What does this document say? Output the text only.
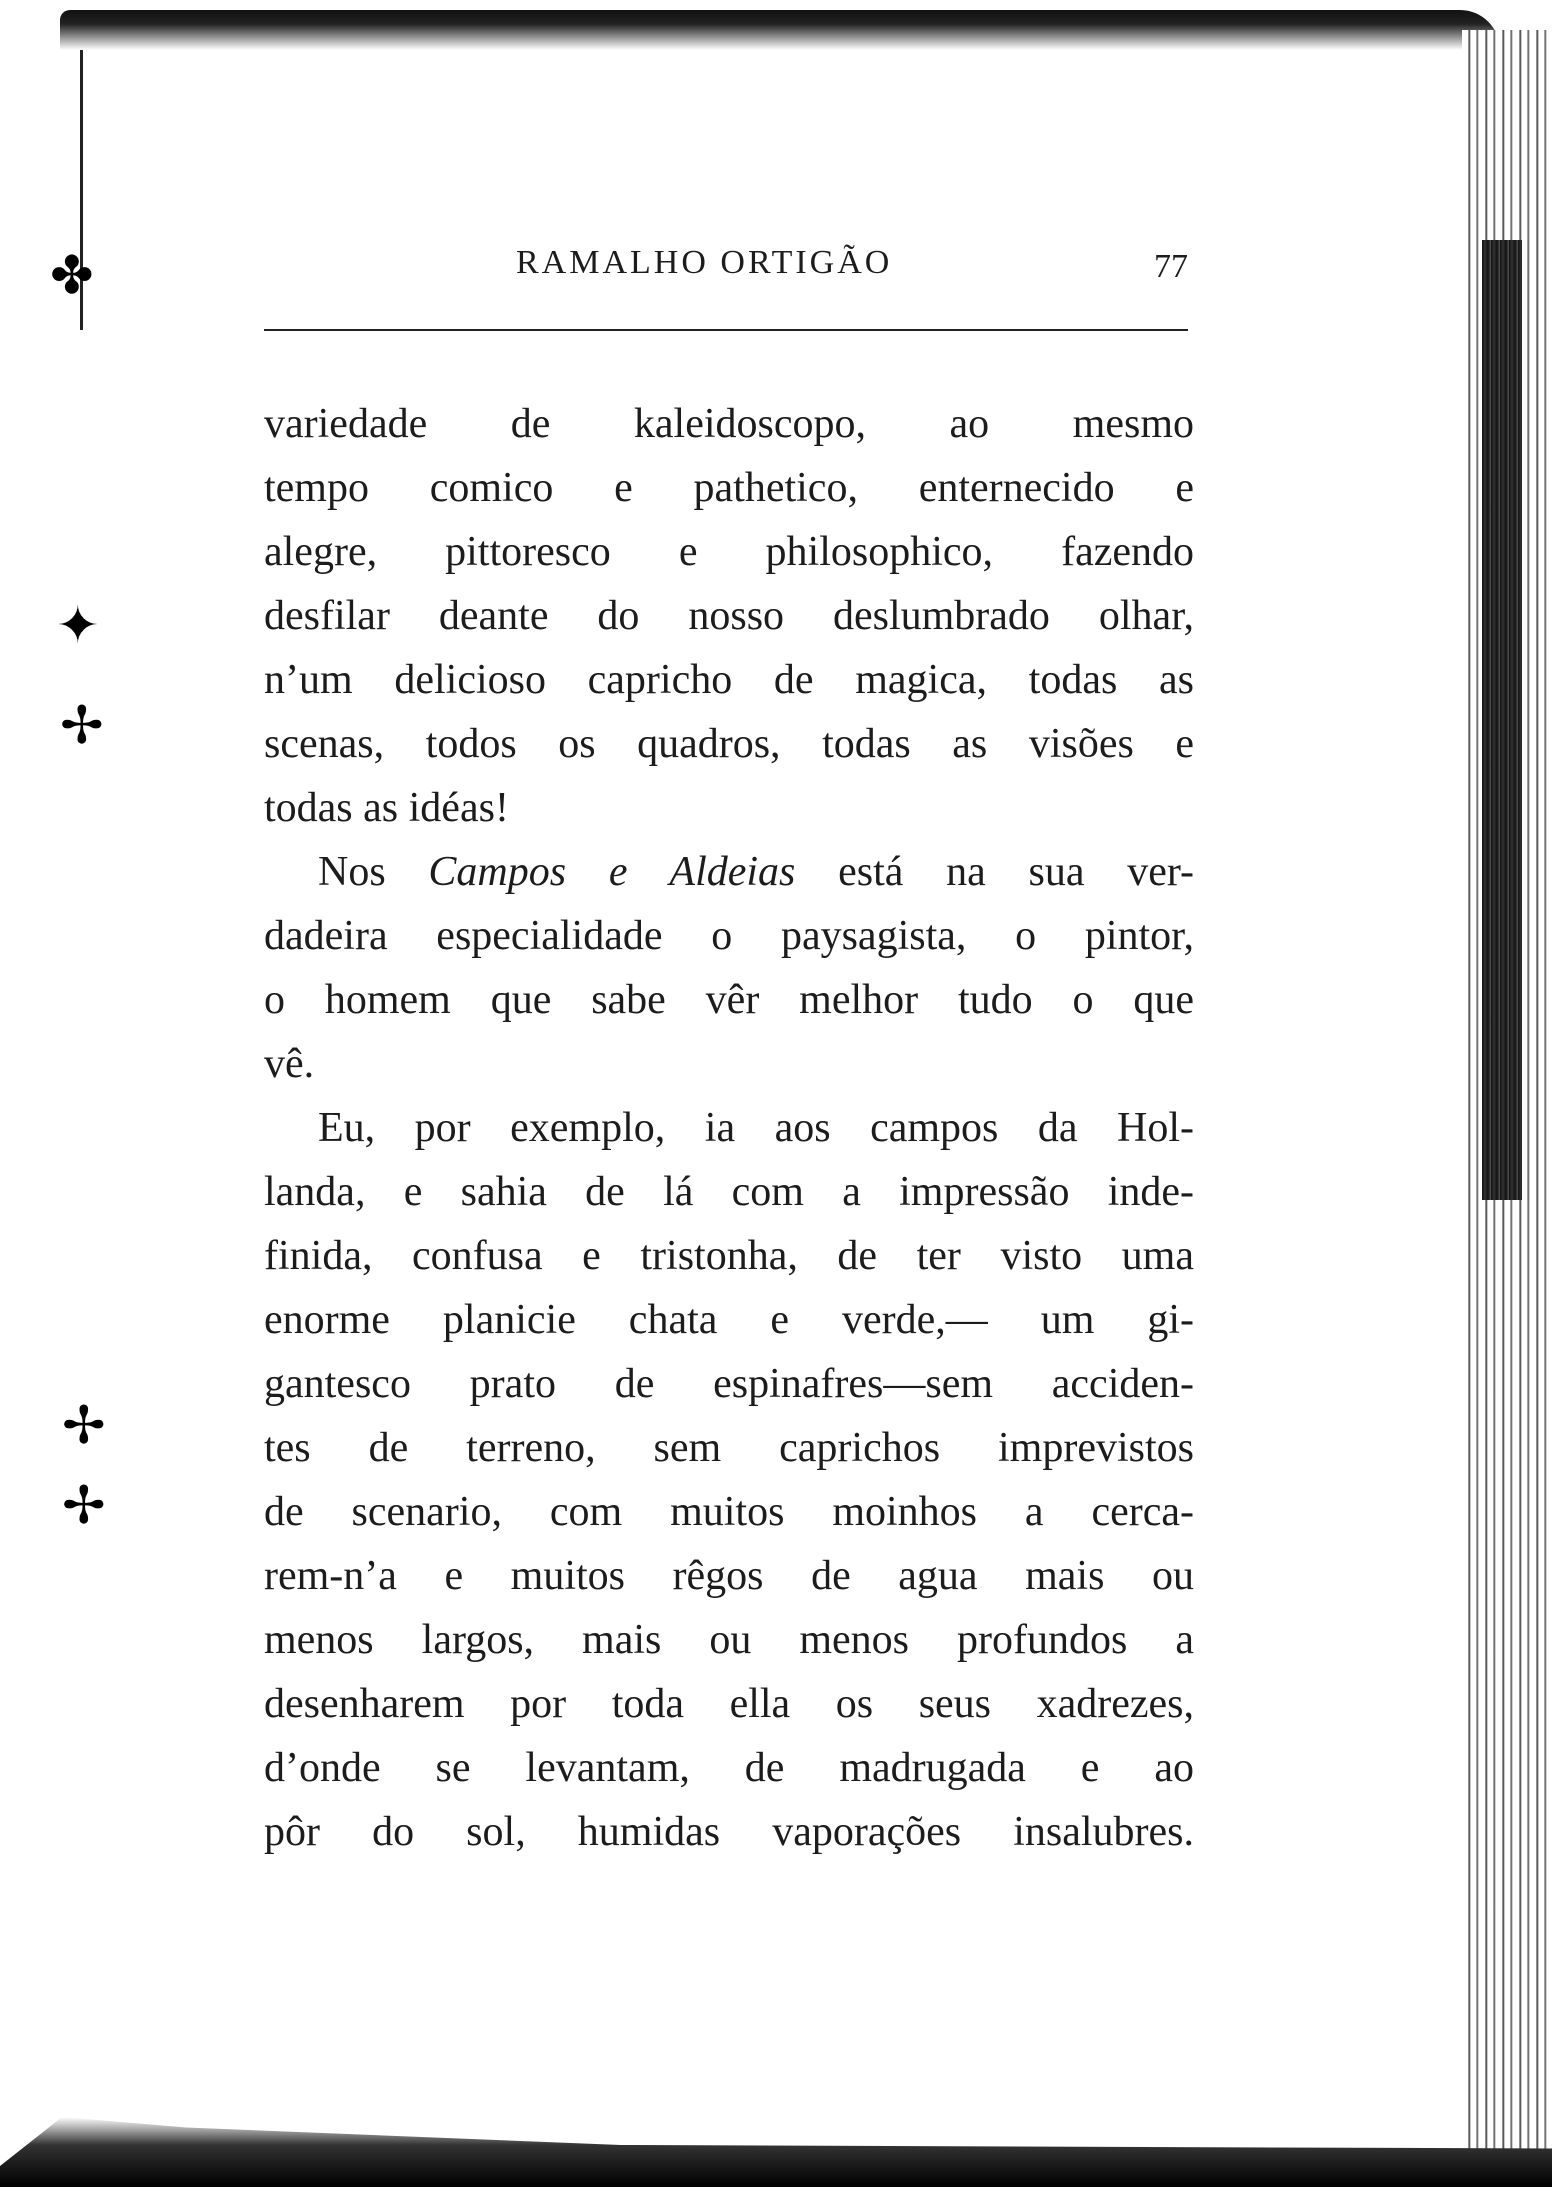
✤
✦
✢
✢
✢
RAMALHO ORTIGÃO	77
variedade de kaleidoscopo, ao mesmo
tempo comico e pathetico, enternecido e
alegre, pittoresco e philosophico, fazendo
desfilar deante do nosso deslumbrado olhar,
n’um delicioso capricho de magica, todas as
scenas, todos os quadros, todas as visões e
todas as idéas!
Nos Campos e Aldeias está na sua ver-
dadeira especialidade o paysagista, o pintor,
o homem que sabe vêr melhor tudo o que
vê.
Eu, por exemplo, ia aos campos da Hol-
landa, e sahia de lá com a impressão inde-
finida, confusa e tristonha, de ter visto uma
enorme planicie chata e verde,— um gi-
gantesco prato de espinafres—sem acciden-
tes de terreno, sem caprichos imprevistos
de scenario, com muitos moinhos a cerca-
rem-n’a e muitos rêgos de agua mais ou
menos largos, mais ou menos profundos a
desenharem por toda ella os seus xadrezes,
d’onde se levantam, de madrugada e ao
pôr do sol, humidas vaporações insalubres.
